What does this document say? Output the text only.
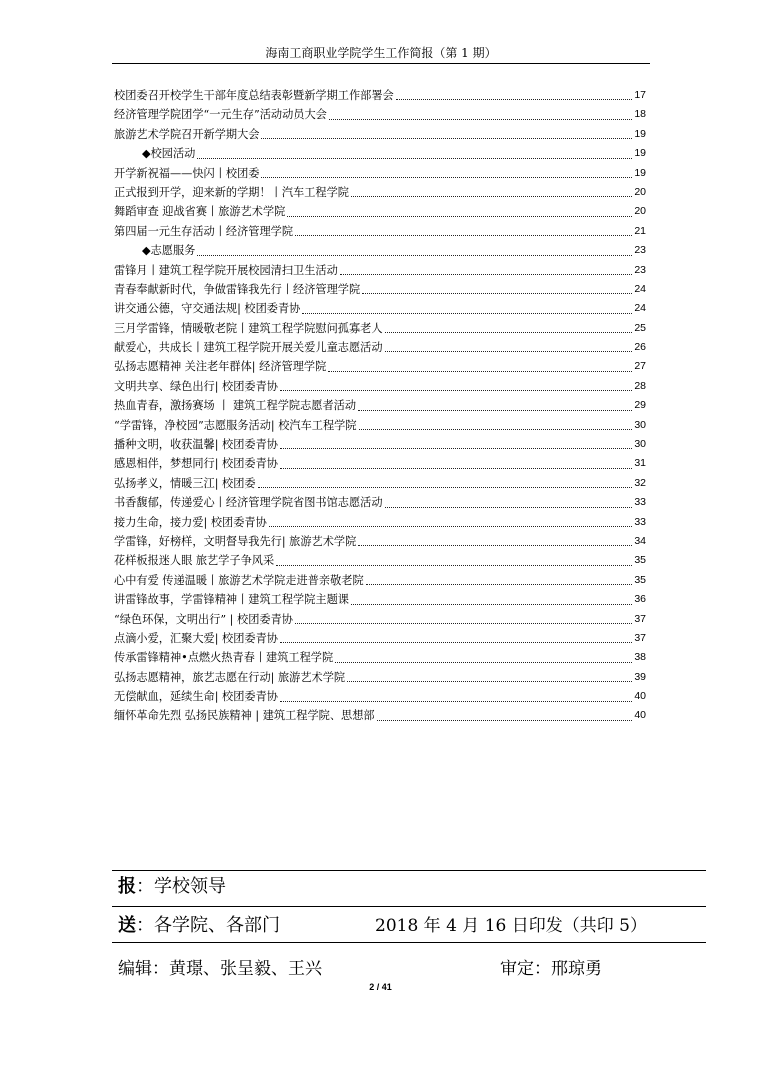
海南工商职业学院学生工作简报（第 1 期）
校团委召开校学生干部年度总结表彰暨新学期工作部署会	17
经济管理学院团学“一元生存”活动动员大会	18
旅游艺术学院召开新学期大会	19
◆校园活动	19
开学新祝福——快闪丨校团委	19
正式报到开学，迎来新的学期！丨汽车工程学院	20
舞蹈审查 迎战省赛丨旅游艺术学院	20
第四届一元生存活动丨经济管理学院	21
◆志愿服务	23
雷锋月丨建筑工程学院开展校园清扫卫生活动	23
青春奉献新时代，争做雷锋我先行丨经济管理学院	24
讲交通公德，守交通法规| 校团委青协	24
三月学雷锋，情暖敬老院丨建筑工程学院慰问孤寡老人	25
献爱心，共成长丨建筑工程学院开展关爱儿童志愿活动	26
弘扬志愿精神 关注老年群体| 经济管理学院	27
文明共享、绿色出行| 校团委青协	28
热血青春，激扬赛场 丨 建筑工程学院志愿者活动	29
“学雷锋，净校园”志愿服务活动| 校汽车工程学院	30
播种文明，收获温馨| 校团委青协	30
感恩相伴，梦想同行| 校团委青协	31
弘扬孝义，情暖三江| 校团委	32
书香馥郁，传递爱心丨经济管理学院省图书馆志愿活动	33
接力生命，接力爱| 校团委青协	33
学雷锋，好榜样，文明督导我先行| 旅游艺术学院	34
花样板报迷人眼 旅艺学子争风采	35
心中有爱 传递温暖丨旅游艺术学院走进普亲敬老院	35
讲雷锋故事，学雷锋精神丨建筑工程学院主题课	36
“绿色环保，文明出行” | 校团委青协	37
点滴小爱，汇聚大爱| 校团委青协	37
传承雷锋精神•点燃火热青春丨建筑工程学院	38
弘扬志愿精神，旅艺志愿在行动| 旅游艺术学院	39
无偿献血，延续生命| 校团委青协	40
缅怀革命先烈 弘扬民族精神 | 建筑工程学院、思想部	40
报：学校领导
送：各学院、各部门	2018 年 4 月 16 日印发（共印 5）
编辑：黄璟、张呈毅、王兴	审定：邢琼勇
2 / 41
